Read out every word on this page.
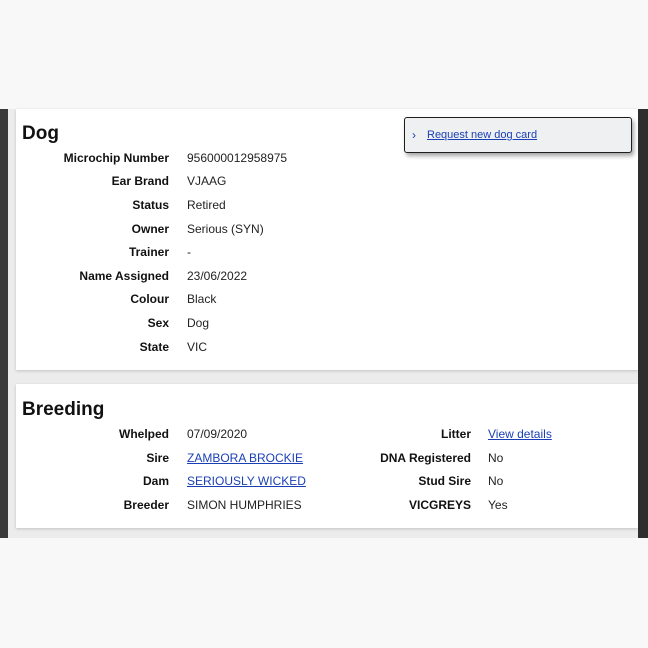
Dog	› Request new dog card
Microchip Number 956000012958975
Ear Brand VJAAG
Status Retired
Owner Serious (SYN)
Trainer -
Name Assigned 23/06/2022
Colour Black
Sex Dog
State VIC
Breeding
Whelped 07/09/2020
Sire ZAMBORA BROCKIE
Dam SERIOUSLY WICKED
Breeder SIMON HUMPHRIES
Litter View details
DNA Registered No
Stud Sire No
VICGREYS Yes
